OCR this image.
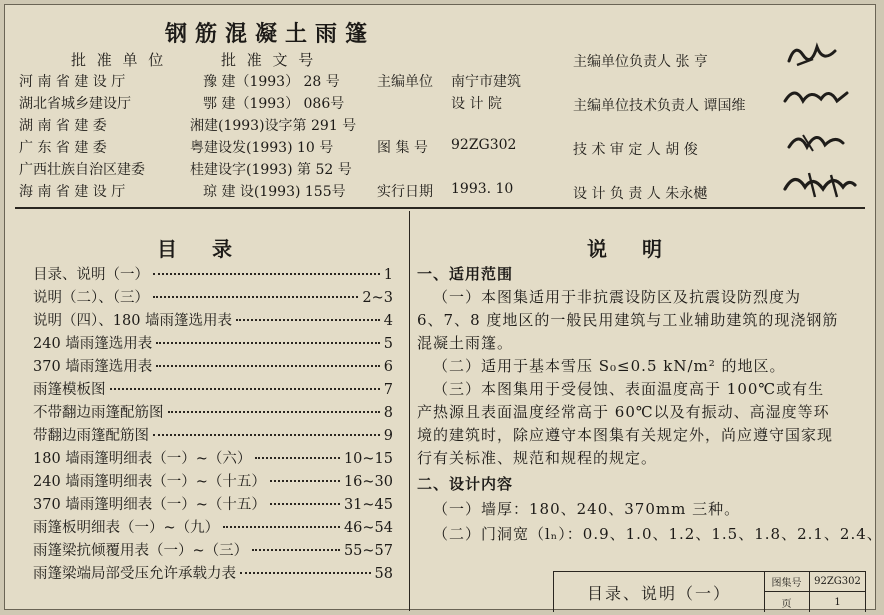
钢筋混凝土雨篷
批 准 单 位	批 准 文 号
河 南 省 建 设 厅	豫 建（1993） 28 号
湖北省城乡建设厅	鄂 建（1993） 086号
湖 南 省 建 委	湘建(1993)设字第 291 号
广 东 省 建 委	粤建设发(1993) 10 号
广西壮族自治区建委	桂建设字(1993) 第 52 号
海 南 省 建 设 厅	琼 建 设(1993) 155号
主编单位 南宁市建筑
设 计 院
图 集 号 92ZG302
实行日期 1993. 10
主编单位负责人 张 亨
主编单位技术负责人 谭国维
技 术 审 定 人 胡 俊
设 计 负 责 人 朱永樾
目 录
目录、说明（一）	1
说明（二）、（三）	2~3
说明（四）、180 墙雨篷选用表	4
240 墙雨篷选用表	5
370 墙雨篷选用表	6
雨篷模板图	7
不带翻边雨篷配筋图	8
带翻边雨篷配筋图	9
180 墙雨篷明细表（一）~（六）	10~15
240 墙雨篷明细表（一）~（十五）	16~30
370 墙雨篷明细表（一）~（十五）	31~45
雨篷板明细表（一）~（九）	46~54
雨篷梁抗倾覆用表（一）~（三）	55~57
雨篷梁端局部受压允许承载力表	58
说 明
一、适用范围
（一）本图集适用于非抗震设防区及抗震设防烈度为
6、7、8 度地区的一般民用建筑与工业辅助建筑的现浇钢筋
混凝土雨篷。
（二）适用于基本雪压 S₀≤0.5 kN/m² 的地区。
（三）本图集用于受侵蚀、表面温度高于 100℃或有生
产热源且表面温度经常高于 60℃以及有振动、高湿度等环
境的建筑时，除应遵守本图集有关规定外，尚应遵守国家现
行有关标准、规范和规程的规定。
二、设计内容
（一）墙厚：180、240、370mm 三种。
（二）门洞宽（lₙ）：0.9、1.0、1.2、1.5、1.8、2.1、2.4、
目录、说明（一）	图集号	92ZG302
页	1
